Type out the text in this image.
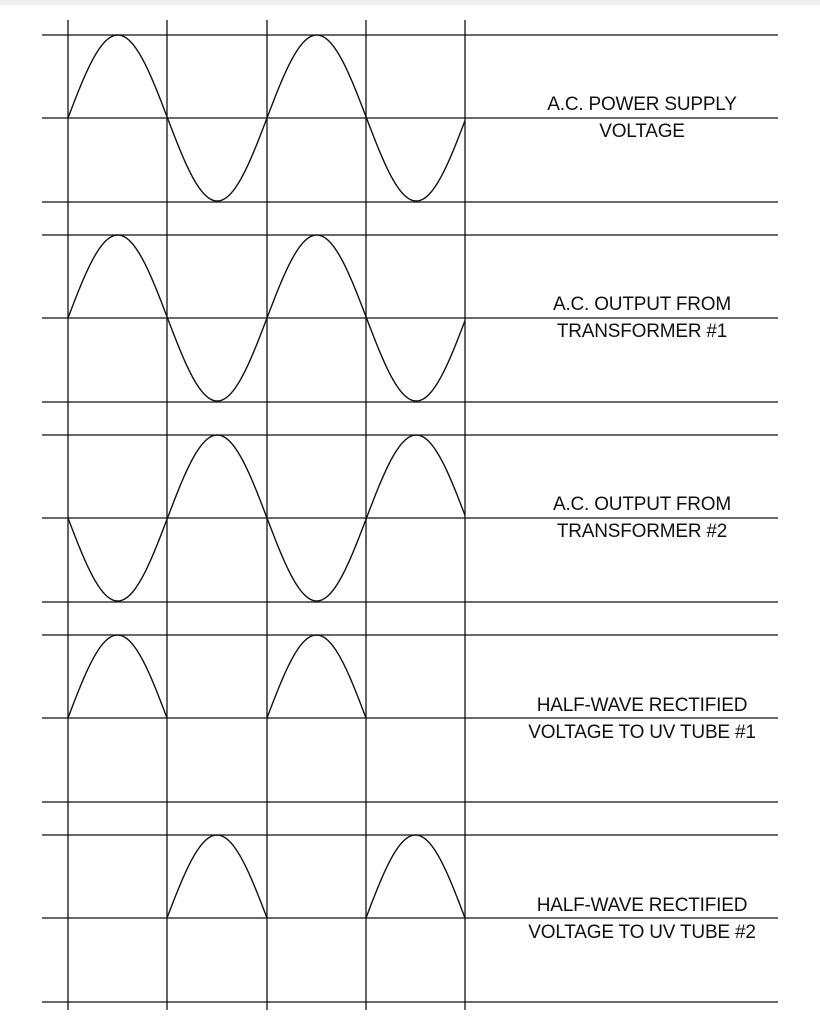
A.C. POWER SUPPLY
VOLTAGE
A.C. OUTPUT FROM
TRANSFORMER #1
A.C. OUTPUT FROM
TRANSFORMER #2
HALF-WAVE RECTIFIED
VOLTAGE TO UV TUBE #1
HALF-WAVE RECTIFIED
VOLTAGE TO UV TUBE #2
